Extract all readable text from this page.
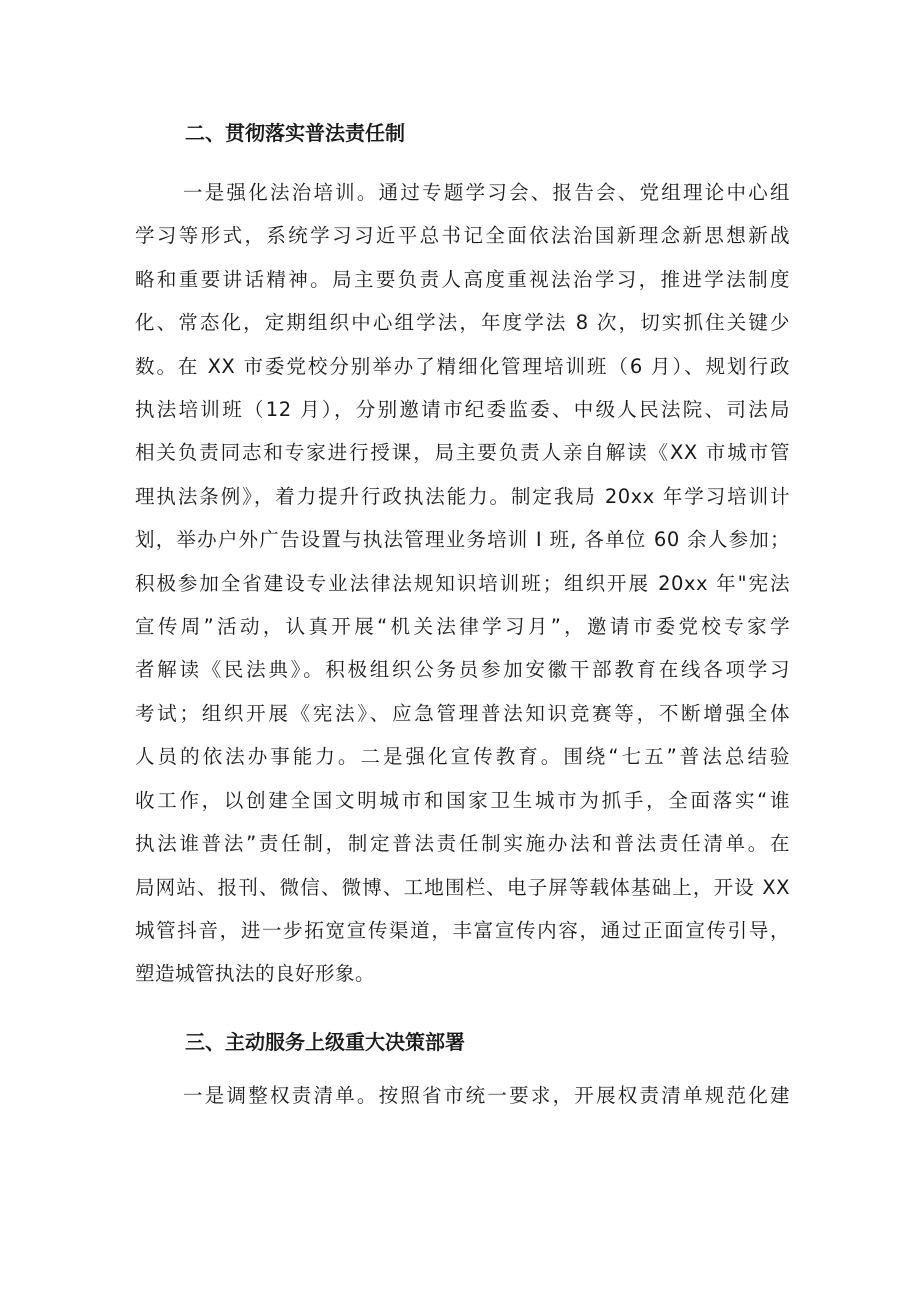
二、贯彻落实普法责任制

一是强化法治培训。通过专题学习会、报告会、党组理论中心组
学习等形式，系统学习习近平总书记全面依法治国新理念新思想新战
略和重要讲话精神。局主要负责人高度重视法治学习，推进学法制度
化、常态化，定期组织中心组学法，年度学法 8 次，切实抓住关键少
数。在 XX 市委党校分别举办了精细化管理培训班（6 月）、规划行政
执法培训班（12 月），分别邀请市纪委监委、中级人民法院、司法局
相关负责同志和专家进行授课，局主要负责人亲自解读《XX 市城市管
理执法条例》，着力提升行政执法能力。制定我局 20xx 年学习培训计
划，举办户外广告设置与执法管理业务培训 I 班, 各单位 60 余人参加；
积极参加全省建设专业法律法规知识培训班；组织开展 20xx 年"宪法
宣传周”活动，认真开展“机关法律学习月”，邀请市委党校专家学
者解读《民法典》。积极组织公务员参加安徽干部教育在线各项学习
考试；组织开展《宪法》、应急管理普法知识竞赛等，不断增强全体
人员的依法办事能力。二是强化宣传教育。围绕“七五”普法总结验
收工作，以创建全国文明城市和国家卫生城市为抓手，全面落实“谁
执法谁普法”责任制，制定普法责任制实施办法和普法责任清单。在
局网站、报刊、微信、微博、工地围栏、电子屏等载体基础上，开设 XX
城管抖音，进一步拓宽宣传渠道，丰富宣传内容，通过正面宣传引导，
塑造城管执法的良好形象。

三、主动服务上级重大决策部署

一是调整权责清单。按照省市统一要求，开展权责清单规范化建
